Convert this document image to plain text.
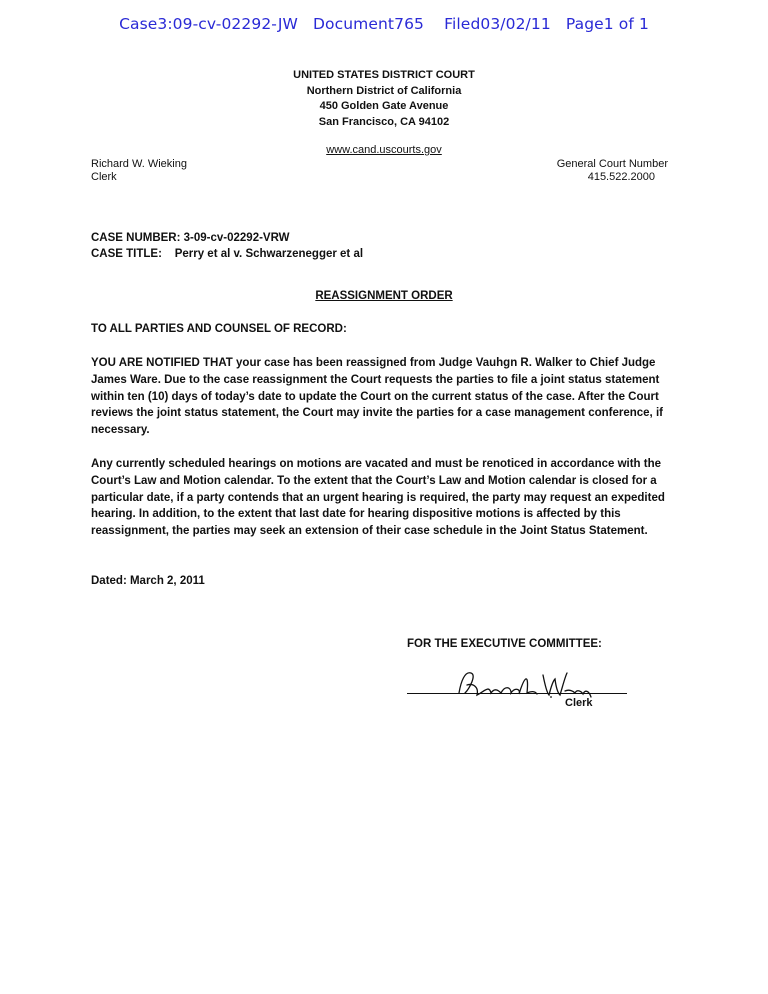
Case3:09-cv-02292-JW   Document765    Filed03/02/11   Page1 of 1
UNITED STATES DISTRICT COURT
Northern District of California
450 Golden Gate Avenue
San Francisco, CA 94102
www.cand.uscourts.gov
Richard W. Wieking
Clerk
General Court Number
415.522.2000
CASE NUMBER: 3-09-cv-02292-VRW
CASE TITLE: Perry et al v. Schwarzenegger et al
REASSIGNMENT ORDER
TO ALL PARTIES AND COUNSEL OF RECORD:
YOU ARE NOTIFIED THAT your case has been reassigned from Judge Vauhgn R. Walker to Chief Judge James Ware. Due to the case reassignment the Court requests the parties to file a joint status statement within ten (10) days of today’s date to update the Court on the current status of the case. After the Court reviews the joint status statement, the Court may invite the parties for a case management conference, if necessary.
Any currently scheduled hearings on motions are vacated and must be renoticed in accordance with the Court’s Law and Motion calendar. To the extent that the Court’s Law and Motion calendar is closed for a particular date, if a party contends that an urgent hearing is required, the party may request an expedited hearing. In addition, to the extent that last date for hearing dispositive motions is affected by this reassignment, the parties may seek an extension of their case schedule in the Joint Status Statement.
Dated: March 2, 2011
FOR THE EXECUTIVE COMMITTEE:
Clerk
